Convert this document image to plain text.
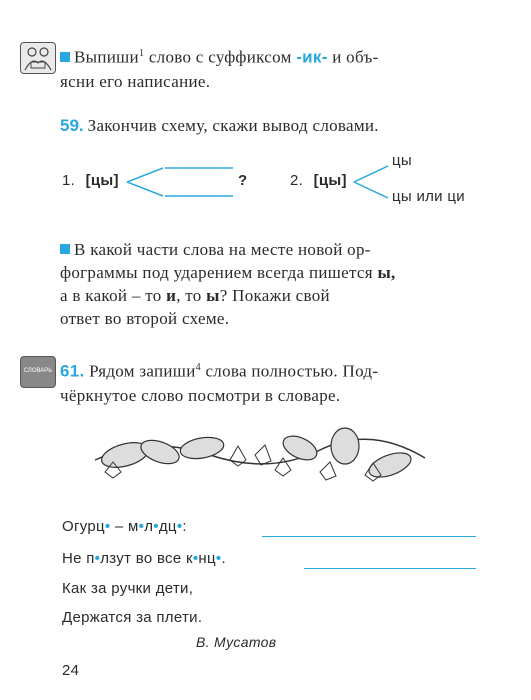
Выпиши$^1$ слово с суффиксом -ик- и объ-
ясни его написание.
59. Закончив схему, скажи вывод словами.
1. [цы]	?	2. [цы]
цы
цы или ци
В какой части слова на месте новой ор-
фограммы под ударением всегда пишется ы,
а в какой – то и, то ы? Покажи свой
ответ во второй схеме.
СЛОВАРЬ 61. Рядом запиши$^4$ слова полностью. Под-
чёркнутое слово посмотри в словаре.
Огурц• – м•л•дц•:
Не п•лзут во все к•нц•.
Как за ручки дети,
Держатся за плети.
В. Мусатов
24
